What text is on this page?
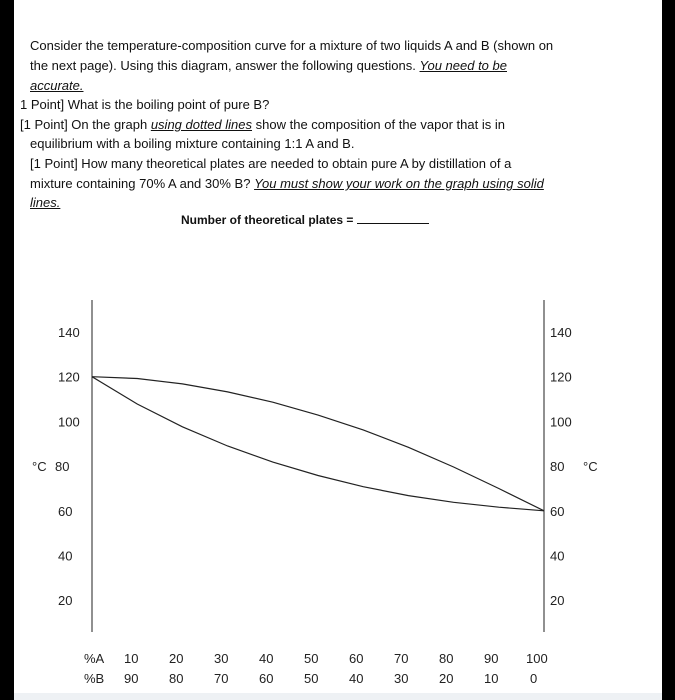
Consider the temperature-composition curve for a mixture of two liquids A and B (shown on
the next page). Using this diagram, answer the following questions. You need to be
accurate.
1 Point] What is the boiling point of pure B?
[1 Point] On the graph using dotted lines show the composition of the vapor that is in
equilibrium with a boiling mixture containing 1:1 A and B.
[1 Point] How many theoretical plates are needed to obtain pure A by distillation of a
mixture containing 70% A and 30% B? You must show your work on the graph using solid
lines.
Number of theoretical plates =
140
120
100
°C 80
60
40
20
140
120
100
80 °C
60
40
20
%A
%B
10 20 30 40 50 60 70 80 90 100
90 80 70 60 50 40 30 20 10 0
